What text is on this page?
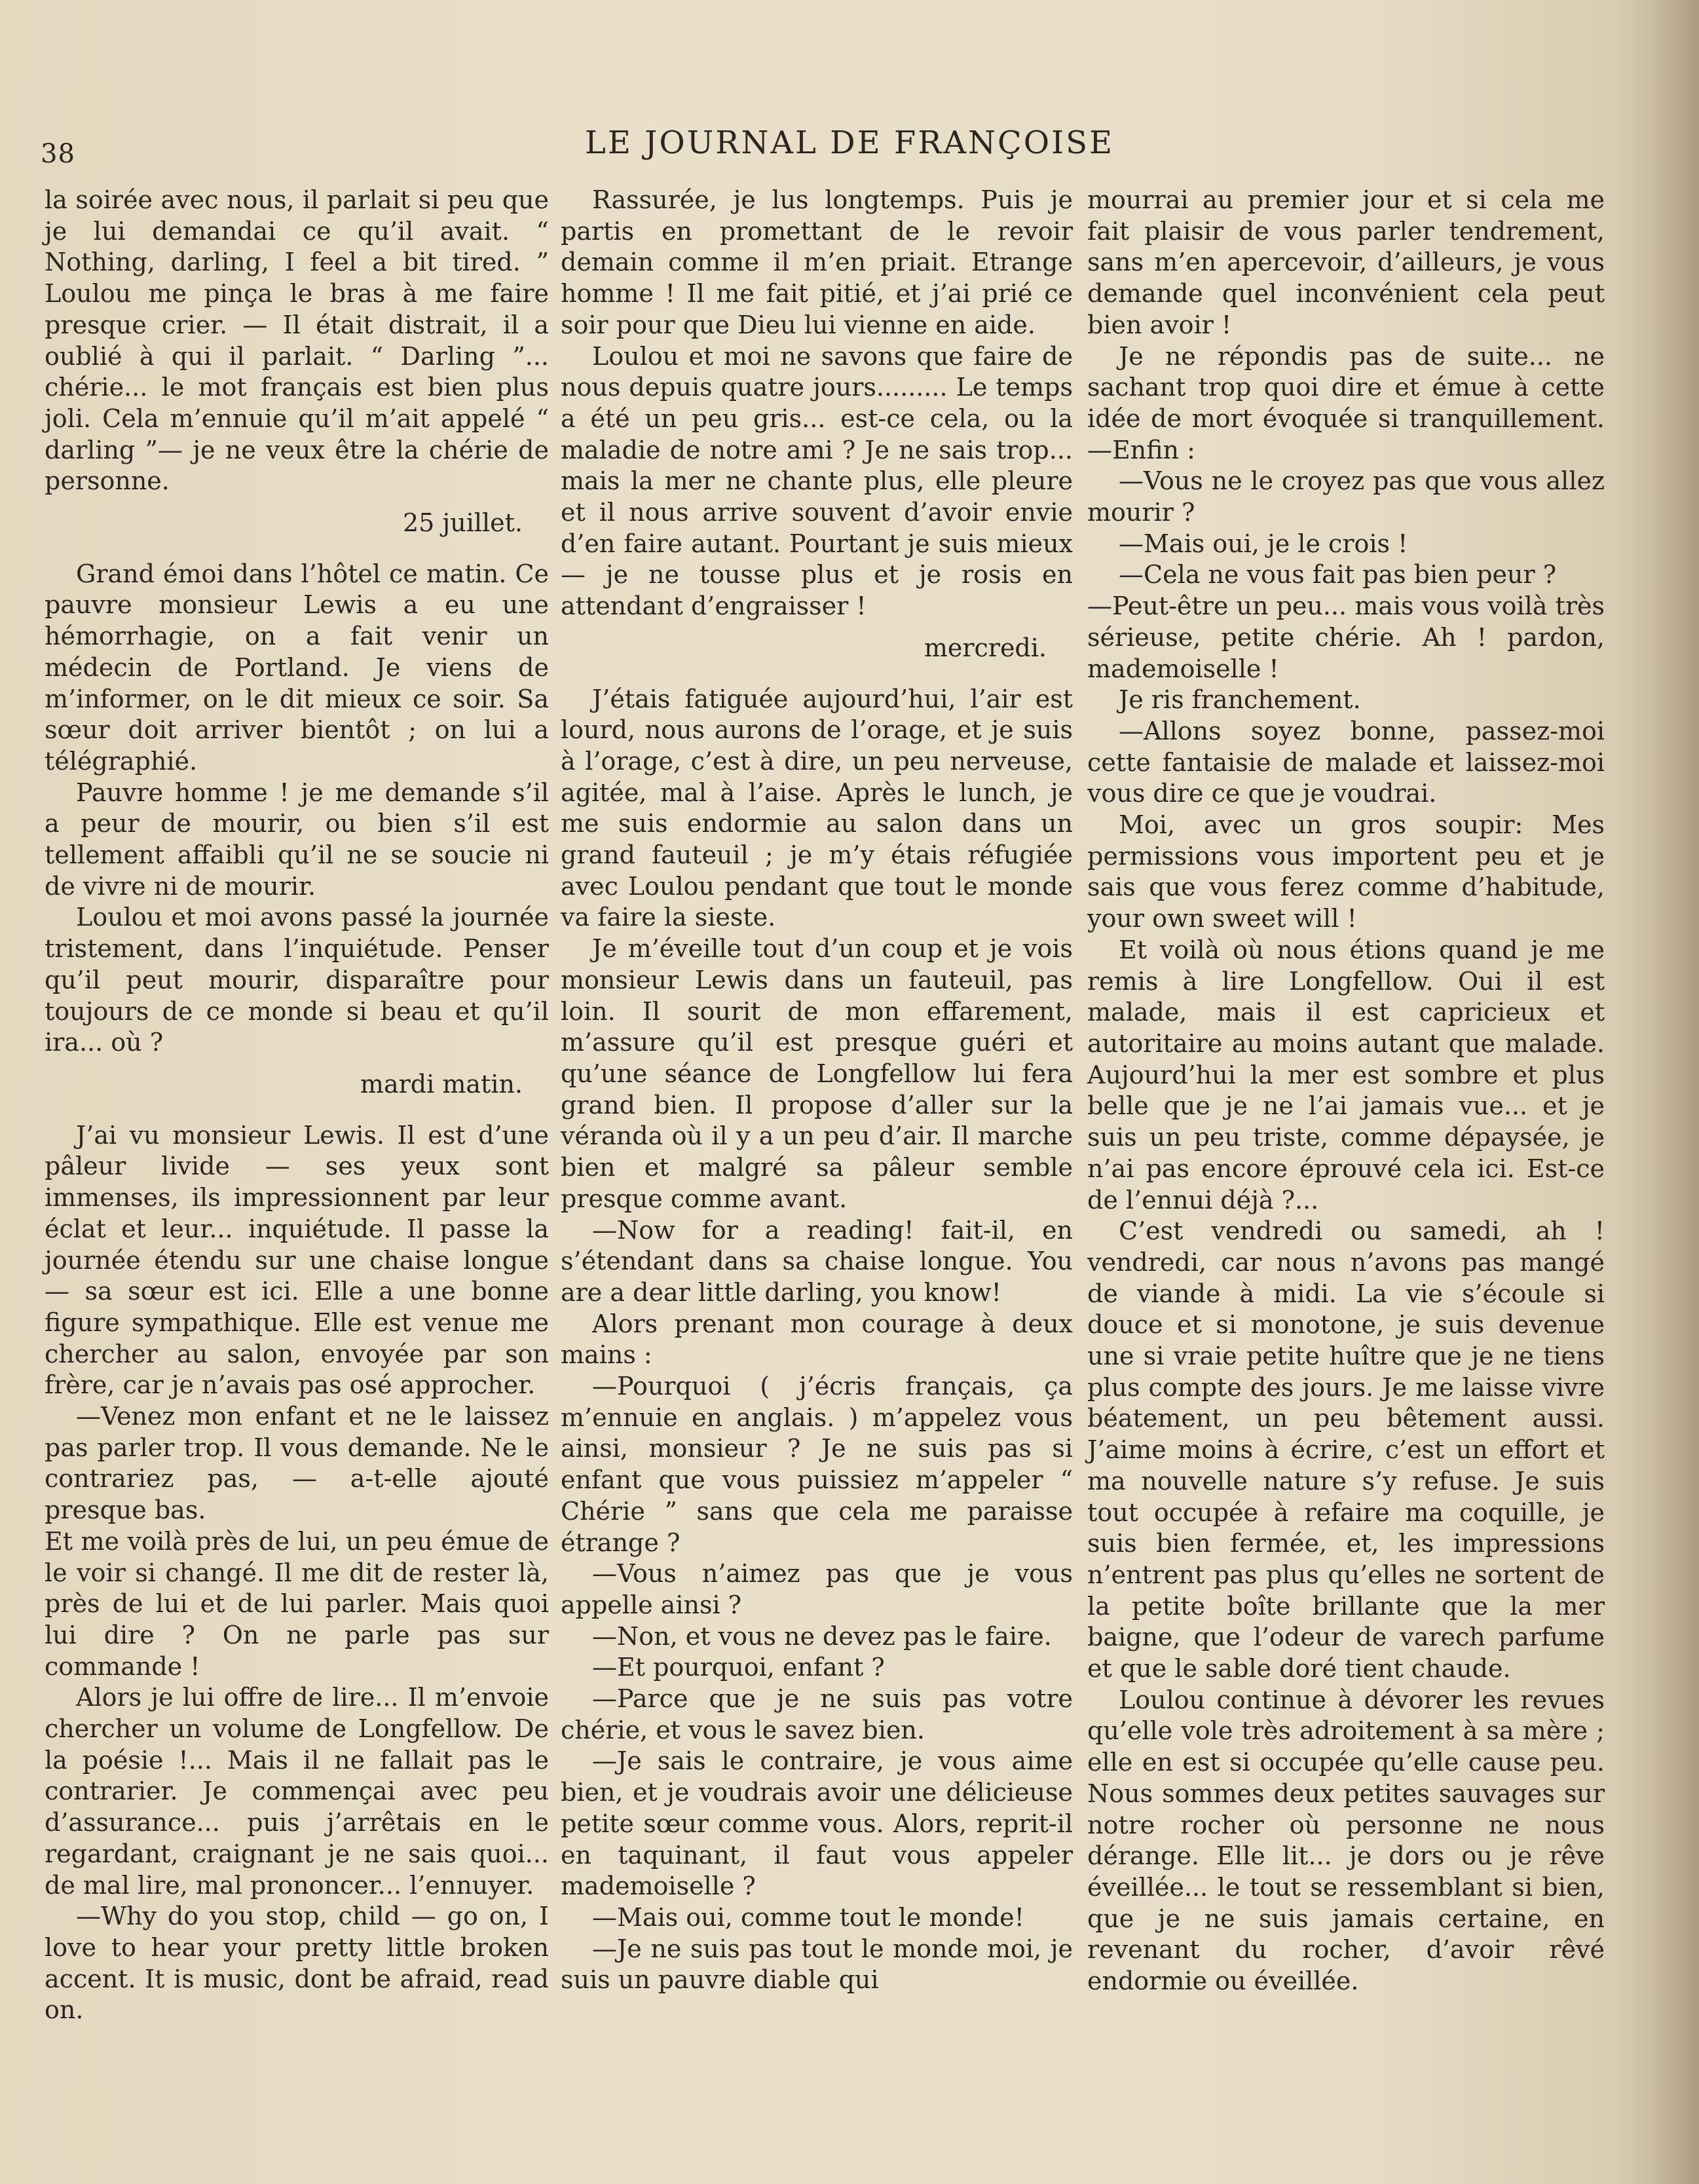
38	LE JOURNAL DE FRANÇOISE

la soirée avec nous, il parlait si peu que je lui demandai ce qu’il avait. “ Nothing, darling, I feel a bit tired. ” Loulou me pinça le bras à me faire presque crier. — Il était distrait, il a oublié à qui il parlait. “ Darling ”... chérie... le mot français est bien plus joli. Cela m’ennuie qu’il m’ait appelé “ darling ”— je ne veux être la chérie de personne.

25 juillet.

Grand émoi dans l’hôtel ce matin. Ce pauvre monsieur Lewis a eu une hémorrhagie, on a fait venir un médecin de Portland. Je viens de m’informer, on le dit mieux ce soir. Sa sœur doit arriver bientôt ; on lui a télégraphié.

Pauvre homme ! je me demande s’il a peur de mourir, ou bien s’il est tellement affaibli qu’il ne se soucie ni de vivre ni de mourir.

Loulou et moi avons passé la journée tristement, dans l’inquiétude. Penser qu’il peut mourir, disparaître pour toujours de ce monde si beau et qu’il ira... où ?

mardi matin.

J’ai vu monsieur Lewis. Il est d’une pâleur livide — ses yeux sont immenses, ils impressionnent par leur éclat et leur... inquiétude. Il passe la journée étendu sur une chaise longue — sa sœur est ici. Elle a une bonne figure sympathique. Elle est venue me chercher au salon, envoyée par son frère, car je n’avais pas osé approcher.

—Venez mon enfant et ne le laissez pas parler trop. Il vous demande. Ne le contrariez pas, — a-t-elle ajouté presque bas.

Et me voilà près de lui, un peu émue de le voir si changé. Il me dit de rester là, près de lui et de lui parler. Mais quoi lui dire ? On ne parle pas sur commande !

Alors je lui offre de lire... Il m’envoie chercher un volume de Longfellow. De la poésie !... Mais il ne fallait pas le contrarier. Je commençai avec peu d’assurance... puis j’arrêtais en le regardant, craignant je ne sais quoi... de mal lire, mal prononcer... l’ennuyer.

—Why do you stop, child — go on, I love to hear your pretty little broken accent. It is music, dont be afraid, read on.

Rassurée, je lus longtemps. Puis je partis en promettant de le revoir demain comme il m’en priait. Etrange homme ! Il me fait pitié, et j’ai prié ce soir pour que Dieu lui vienne en aide.

Loulou et moi ne savons que faire de nous depuis quatre jours......... Le temps a été un peu gris... est-ce cela, ou la maladie de notre ami ? Je ne sais trop... mais la mer ne chante plus, elle pleure et il nous arrive souvent d’avoir envie d’en faire autant. Pourtant je suis mieux — je ne tousse plus et je rosis en attendant d’engraisser !

mercredi.

J’étais fatiguée aujourd’hui, l’air est lourd, nous aurons de l’orage, et je suis à l’orage, c’est à dire, un peu nerveuse, agitée, mal à l’aise. Après le lunch, je me suis endormie au salon dans un grand fauteuil ; je m’y étais réfugiée avec Loulou pendant que tout le monde va faire la sieste.

Je m’éveille tout d’un coup et je vois monsieur Lewis dans un fauteuil, pas loin. Il sourit de mon effarement, m’assure qu’il est presque guéri et qu’une séance de Longfellow lui fera grand bien. Il propose d’aller sur la véranda où il y a un peu d’air. Il marche bien et malgré sa pâleur semble presque comme avant.

—Now for a reading! fait-il, en s’étendant dans sa chaise longue. You are a dear little darling, you know!

Alors prenant mon courage à deux mains :

—Pourquoi ( j’écris français, ça m’ennuie en anglais. ) m’appelez vous ainsi, monsieur ? Je ne suis pas si enfant que vous puissiez m’appeler “ Chérie ” sans que cela me paraisse étrange ?

—Vous n’aimez pas que je vous appelle ainsi ?

—Non, et vous ne devez pas le faire.

—Et pourquoi, enfant ?

—Parce que je ne suis pas votre chérie, et vous le savez bien.

—Je sais le contraire, je vous aime bien, et je voudrais avoir une délicieuse petite sœur comme vous. Alors, reprit-il en taquinant, il faut vous appeler mademoiselle ?

—Mais oui, comme tout le monde!

—Je ne suis pas tout le monde moi, je suis un pauvre diable qui

mourrai au premier jour et si cela me fait plaisir de vous parler tendrement, sans m’en apercevoir, d’ailleurs, je vous demande quel inconvénient cela peut bien avoir !

Je ne répondis pas de suite... ne sachant trop quoi dire et émue à cette idée de mort évoquée si tranquillement.—Enfin :

—Vous ne le croyez pas que vous allez mourir ?

—Mais oui, je le crois !

—Cela ne vous fait pas bien peur ?

—Peut-être un peu... mais vous voilà très sérieuse, petite chérie. Ah ! pardon, mademoiselle !

Je ris franchement.

—Allons soyez bonne, passez-moi cette fantaisie de malade et laissez-moi vous dire ce que je voudrai.

Moi, avec un gros soupir: Mes permissions vous importent peu et je sais que vous ferez comme d’habitude, your own sweet will !

Et voilà où nous étions quand je me remis à lire Longfellow. Oui il est malade, mais il est capricieux et autoritaire au moins autant que malade. Aujourd’hui la mer est sombre et plus belle que je ne l’ai jamais vue... et je suis un peu triste, comme dépaysée, je n’ai pas encore éprouvé cela ici. Est-ce de l’ennui déjà ?...

C’est vendredi ou samedi, ah ! vendredi, car nous n’avons pas mangé de viande à midi. La vie s’écoule si douce et si monotone, je suis devenue une si vraie petite huître que je ne tiens plus compte des jours. Je me laisse vivre béatement, un peu bêtement aussi. J’aime moins à écrire, c’est un effort et ma nouvelle nature s’y refuse. Je suis tout occupée à refaire ma coquille, je suis bien fermée, et, les impressions n’entrent pas plus qu’elles ne sortent de la petite boîte brillante que la mer baigne, que l’odeur de varech parfume et que le sable doré tient chaude.

Loulou continue à dévorer les revues qu’elle vole très adroitement à sa mère ; elle en est si occupée qu’elle cause peu. Nous sommes deux petites sauvages sur notre rocher où personne ne nous dérange. Elle lit... je dors ou je rêve éveillée... le tout se ressemblant si bien, que je ne suis jamais certaine, en revenant du rocher, d’avoir rêvé endormie ou éveillée.
